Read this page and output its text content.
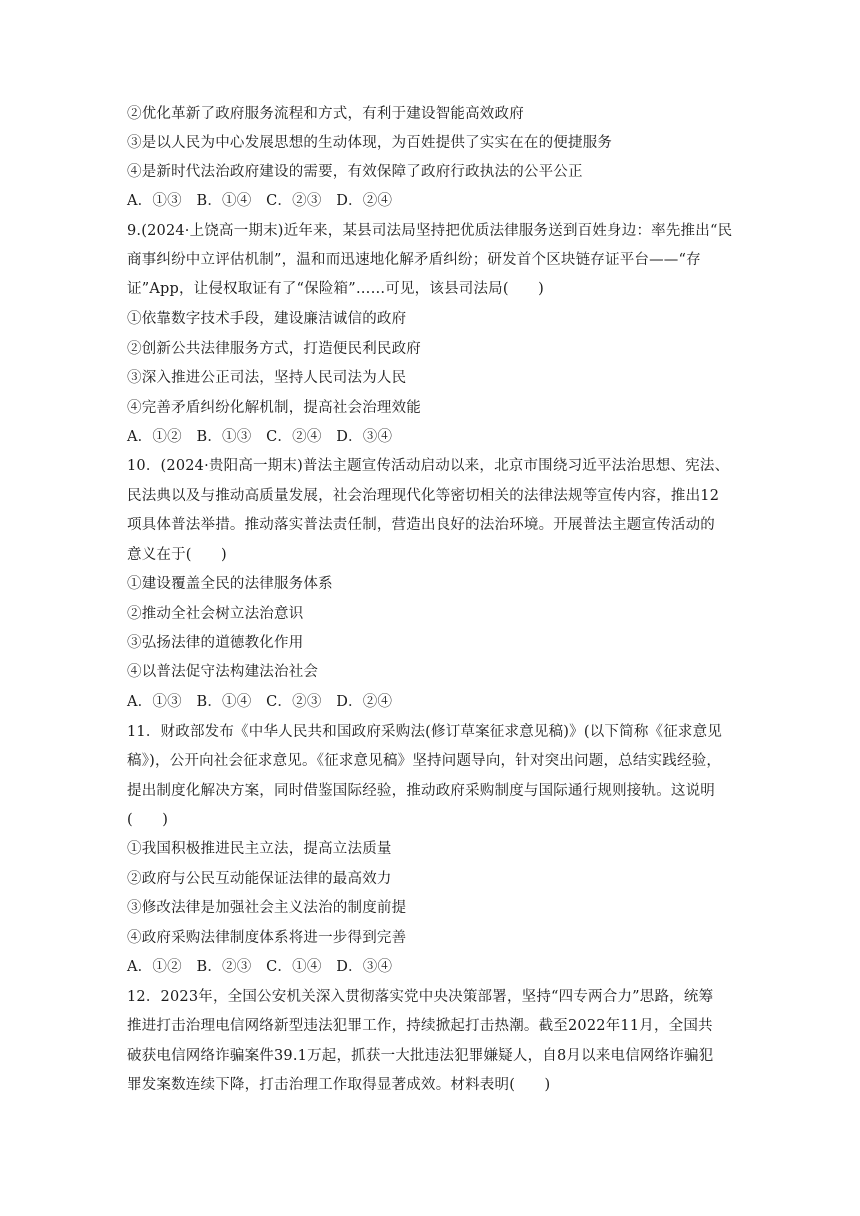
②优化革新了政府服务流程和方式，有利于建设智能高效政府

③是以人民为中心发展思想的生动体现，为百姓提供了实实在在的便捷服务

④是新时代法治政府建设的需要，有效保障了政府行政执法的公平公正

A．①③　B．①④　C．②③　D．②④

9.(2024·上饶高一期末)近年来，某县司法局坚持把优质法律服务送到百姓身边：率先推出“民

商事纠纷中立评估机制”，温和而迅速地化解矛盾纠纷；研发首个区块链存证平台——“存

证”App，让侵权取证有了“保险箱”……可见，该县司法局(　　)

①依靠数字技术手段，建设廉洁诚信的政府

②创新公共法律服务方式，打造便民利民政府

③深入推进公正司法，坚持人民司法为人民

④完善矛盾纠纷化解机制，提高社会治理效能

A．①②　B．①③　C．②④　D．③④

10．(2024·贵阳高一期末)普法主题宣传活动启动以来，北京市围绕习近平法治思想、宪法、

民法典以及与推动高质量发展，社会治理现代化等密切相关的法律法规等宣传内容，推出12

项具体普法举措。推动落实普法责任制，营造出良好的法治环境。开展普法主题宣传活动的

意义在于(　　)

①建设覆盖全民的法律服务体系

②推动全社会树立法治意识

③弘扬法律的道德教化作用

④以普法促守法构建法治社会

A．①③　B．①④　C．②③　D．②④

11．财政部发布《中华人民共和国政府采购法(修订草案征求意见稿)》(以下简称《征求意见

稿》)，公开向社会征求意见。《征求意见稿》坚持问题导向，针对突出问题，总结实践经验，

提出制度化解决方案，同时借鉴国际经验，推动政府采购制度与国际通行规则接轨。这说明

(　　)

①我国积极推进民主立法，提高立法质量

②政府与公民互动能保证法律的最高效力

③修改法律是加强社会主义法治的制度前提

④政府采购法律制度体系将进一步得到完善

A．①②　B．②③　C．①④　D．③④

12．2023年，全国公安机关深入贯彻落实党中央决策部署，坚持“四专两合力”思路，统筹

推进打击治理电信网络新型违法犯罪工作，持续掀起打击热潮。截至2022年11月，全国共

破获电信网络诈骗案件39.1万起，抓获一大批违法犯罪嫌疑人，自8月以来电信网络诈骗犯

罪发案数连续下降，打击治理工作取得显著成效。材料表明(　　)
